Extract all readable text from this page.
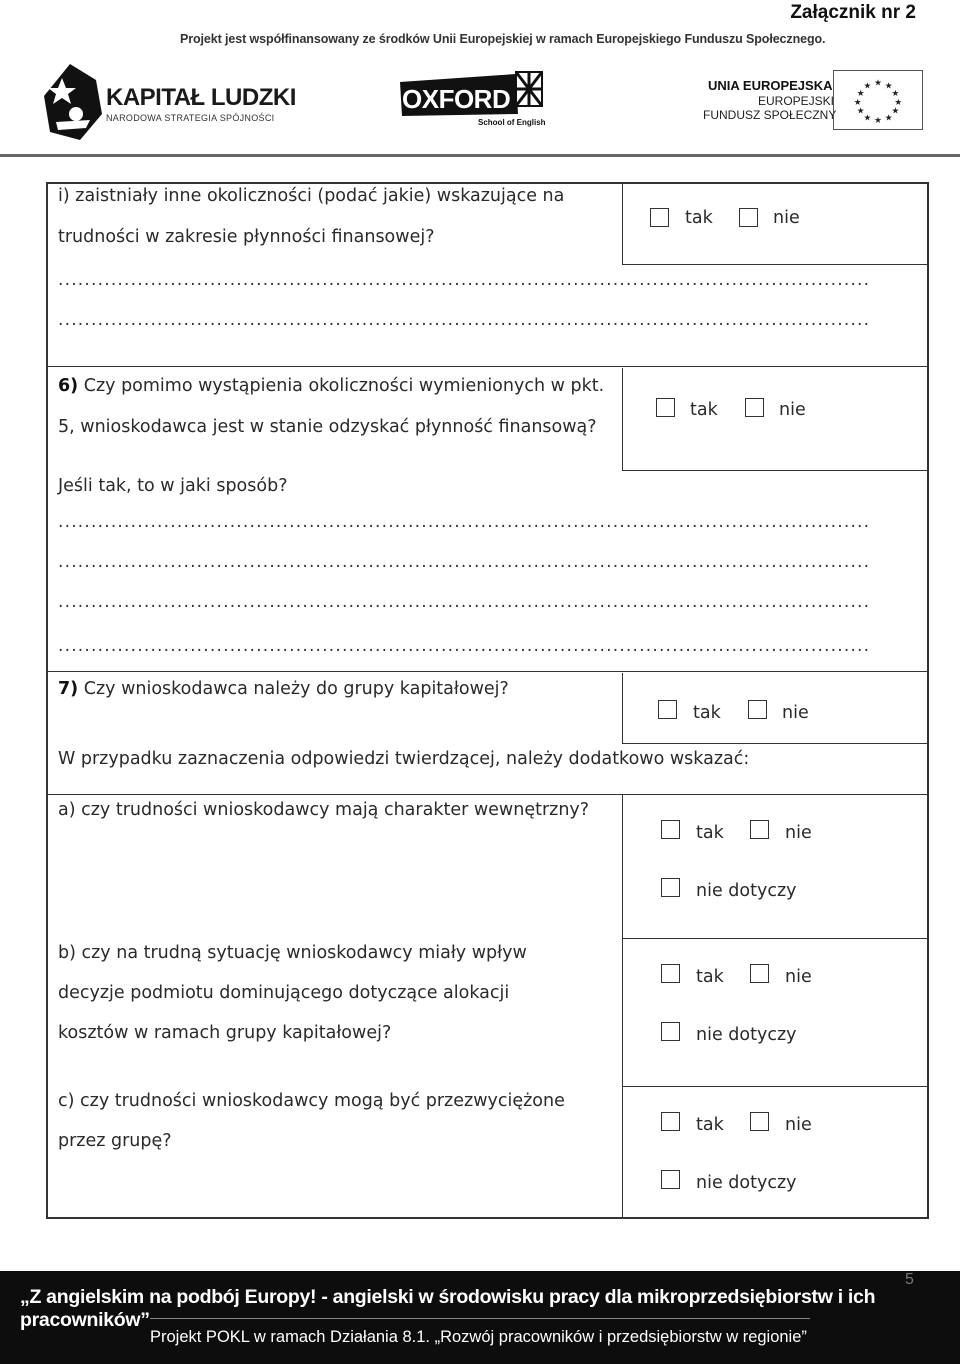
Załącznik nr 2
Projekt jest współfinansowany ze środków Unii Europejskiej w ramach Europejskiego Funduszu Społecznego.
KAPITAŁ LUDZKI
NARODOWA STRATEGIA SPÓJNOŚCI
OXFORD
School of English
UNIA EUROPEJSKA
EUROPEJSKI
FUNDUSZ SPOŁECZNY
★ ★
★
★
★
★
★
★
★
★
★
★
i) zaistniały inne okoliczności (podać jakie) wskazujące na
trudności w zakresie płynności finansowej?
tak	nie
...........................................................................................................................
...........................................................................................................................
6) Czy pomimo wystąpienia okoliczności wymienionych w pkt.
5, wnioskodawca jest w stanie odzyskać płynność finansową?
tak	nie
Jeśli tak, to w jaki sposób?
...........................................................................................................................
...........................................................................................................................
...........................................................................................................................
...........................................................................................................................
7) Czy wnioskodawca należy do grupy kapitałowej?
tak	nie
W przypadku zaznaczenia odpowiedzi twierdzącej, należy dodatkowo wskazać:
a) czy trudności wnioskodawcy mają charakter wewnętrzny?
tak	nie
nie dotyczy
b) czy na trudną sytuację wnioskodawcy miały wpływ
decyzje podmiotu dominującego dotyczące alokacji
kosztów w ramach grupy kapitałowej?
tak	nie
nie dotyczy
c) czy trudności wnioskodawcy mogą być przezwyciężone
przez grupę?
tak	nie
nie dotyczy
„Z angielskim na podbój Europy! - angielski w środowisku pracy dla mikroprzedsiębiorstw i ich pracowników”
Projekt POKL w ramach Działania 8.1. „Rozwój pracowników i przedsiębiorstw w regionie”
5
